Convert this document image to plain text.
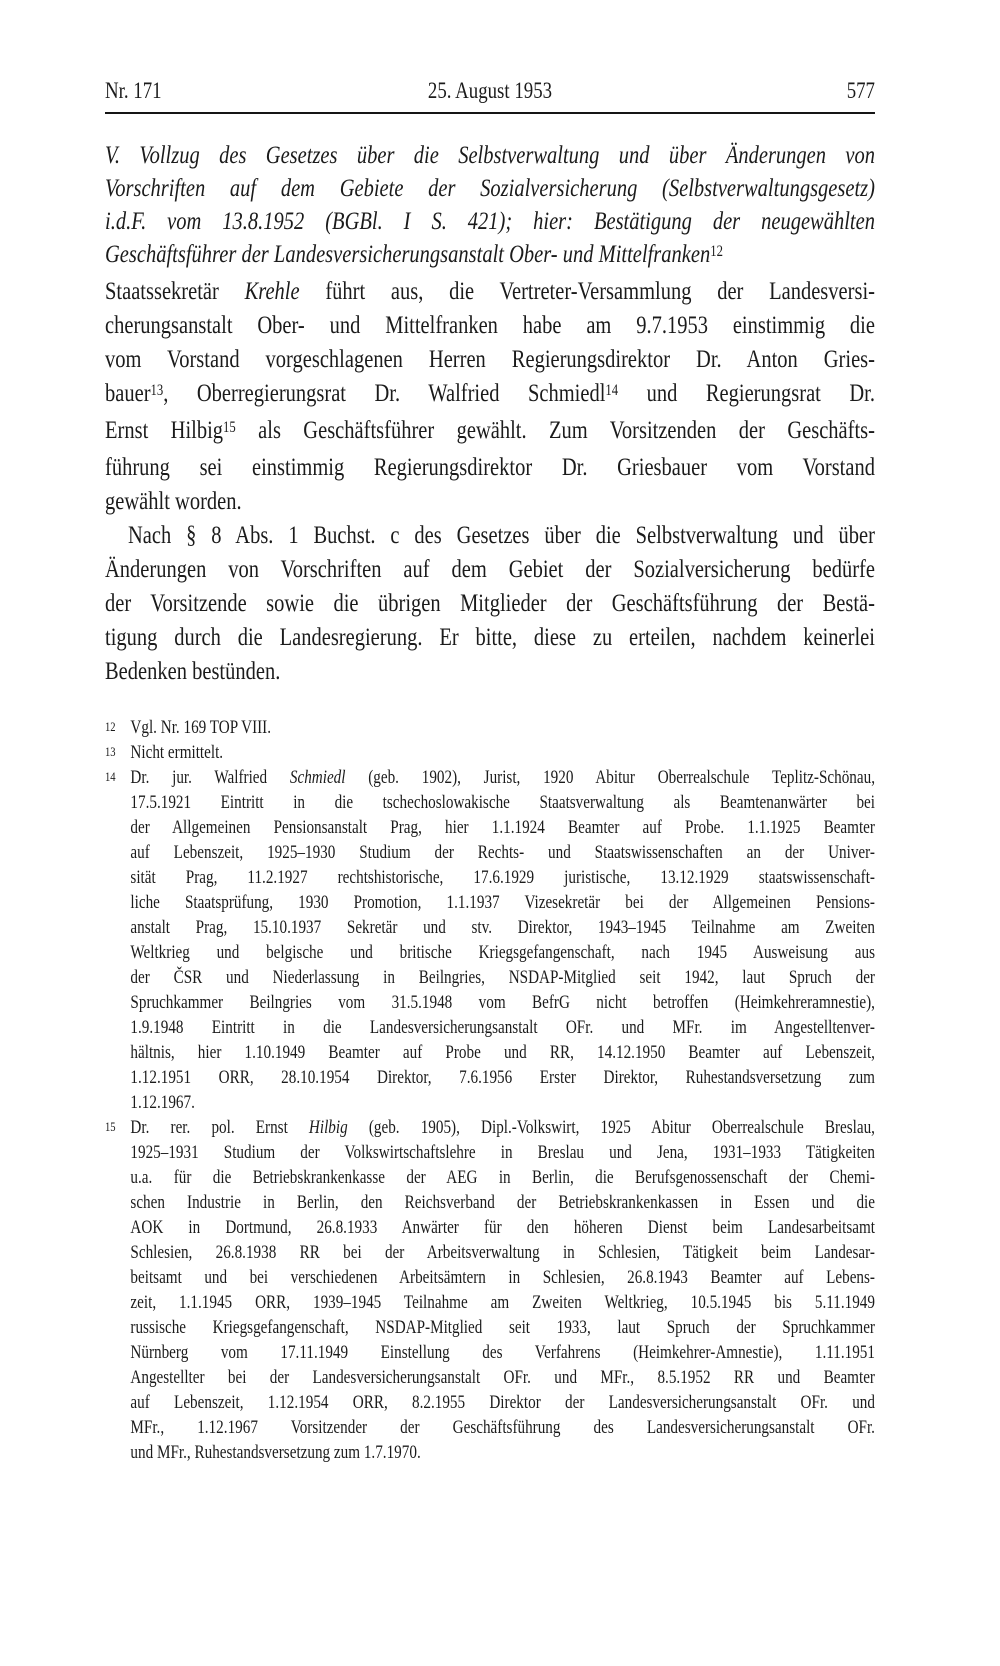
Nr. 171	25. August 1953	577
V. Vollzug des Gesetzes über die Selbstverwaltung und über Änderungen von
Vorschriften auf dem Gebiete der Sozialversicherung (Selbstverwaltungsgesetz)
i.d.F. vom 13.8.1952 (BGBl. I S. 421); hier: Bestätigung der neugewählten
Geschäftsführer der Landesversicherungsanstalt Ober- und Mittelfranken$^{12}$
Staatssekretär Krehle führt aus, die Vertreter-Versammlung der Landesversi-
cherungsanstalt Ober- und Mittelfranken habe am 9.7.1953 einstimmig die
vom Vorstand vorgeschlagenen Herren Regierungsdirektor Dr. Anton Gries-
bauer$^{13}$, Oberregierungsrat Dr. Walfried Schmiedl$^{14}$ und Regierungsrat Dr.
Ernst Hilbig$^{15}$ als Geschäftsführer gewählt. Zum Vorsitzenden der Geschäfts-
führung sei einstimmig Regierungsdirektor Dr. Griesbauer vom Vorstand
gewählt worden.
Nach § 8 Abs. 1 Buchst. c des Gesetzes über die Selbstverwaltung und über
Änderungen von Vorschriften auf dem Gebiet der Sozialversicherung bedürfe
der Vorsitzende sowie die übrigen Mitglieder der Geschäftsführung der Bestä-
tigung durch die Landesregierung. Er bitte, diese zu erteilen, nachdem keinerlei
Bedenken bestünden.
12 Vgl. Nr. 169 TOP VIII.
13 Nicht ermittelt.
14 Dr. jur. Walfried Schmiedl (geb. 1902), Jurist, 1920 Abitur Oberrealschule Teplitz-Schönau,
17.5.1921 Eintritt in die tschechoslowakische Staatsverwaltung als Beamtenanwärter bei
der Allgemeinen Pensionsanstalt Prag, hier 1.1.1924 Beamter auf Probe. 1.1.1925 Beamter
auf Lebenszeit, 1925–1930 Studium der Rechts- und Staatswissenschaften an der Univer-
sität Prag, 11.2.1927 rechtshistorische, 17.6.1929 juristische, 13.12.1929 staatswissenschaft-
liche Staatsprüfung, 1930 Promotion, 1.1.1937 Vizesekretär bei der Allgemeinen Pensions-
anstalt Prag, 15.10.1937 Sekretär und stv. Direktor, 1943–1945 Teilnahme am Zweiten
Weltkrieg und belgische und britische Kriegsgefangenschaft, nach 1945 Ausweisung aus
der ČSR und Niederlassung in Beilngries, NSDAP-Mitglied seit 1942, laut Spruch der
Spruchkammer Beilngries vom 31.5.1948 vom BefrG nicht betroffen (Heimkehreramnestie),
1.9.1948 Eintritt in die Landesversicherungsanstalt OFr. und MFr. im Angestelltenver-
hältnis, hier 1.10.1949 Beamter auf Probe und RR, 14.12.1950 Beamter auf Lebenszeit,
1.12.1951 ORR, 28.10.1954 Direktor, 7.6.1956 Erster Direktor, Ruhestandsversetzung zum
1.12.1967.
15 Dr. rer. pol. Ernst Hilbig (geb. 1905), Dipl.-Volkswirt, 1925 Abitur Oberrealschule Breslau,
1925–1931 Studium der Volkswirtschaftslehre in Breslau und Jena, 1931–1933 Tätigkeiten
u.a. für die Betriebskrankenkasse der AEG in Berlin, die Berufsgenossenschaft der Chemi-
schen Industrie in Berlin, den Reichsverband der Betriebskrankenkassen in Essen und die
AOK in Dortmund, 26.8.1933 Anwärter für den höheren Dienst beim Landesarbeitsamt
Schlesien, 26.8.1938 RR bei der Arbeitsverwaltung in Schlesien, Tätigkeit beim Landesar-
beitsamt und bei verschiedenen Arbeitsämtern in Schlesien, 26.8.1943 Beamter auf Lebens-
zeit, 1.1.1945 ORR, 1939–1945 Teilnahme am Zweiten Weltkrieg, 10.5.1945 bis 5.11.1949
russische Kriegsgefangenschaft, NSDAP-Mitglied seit 1933, laut Spruch der Spruchkammer
Nürnberg vom 17.11.1949 Einstellung des Verfahrens (Heimkehrer-Amnestie), 1.11.1951
Angestellter bei der Landesversicherungsanstalt OFr. und MFr., 8.5.1952 RR und Beamter
auf Lebenszeit, 1.12.1954 ORR, 8.2.1955 Direktor der Landesversicherungsanstalt OFr. und
MFr., 1.12.1967 Vorsitzender der Geschäftsführung des Landesversicherungsanstalt OFr.
und MFr., Ruhestandsversetzung zum 1.7.1970.
